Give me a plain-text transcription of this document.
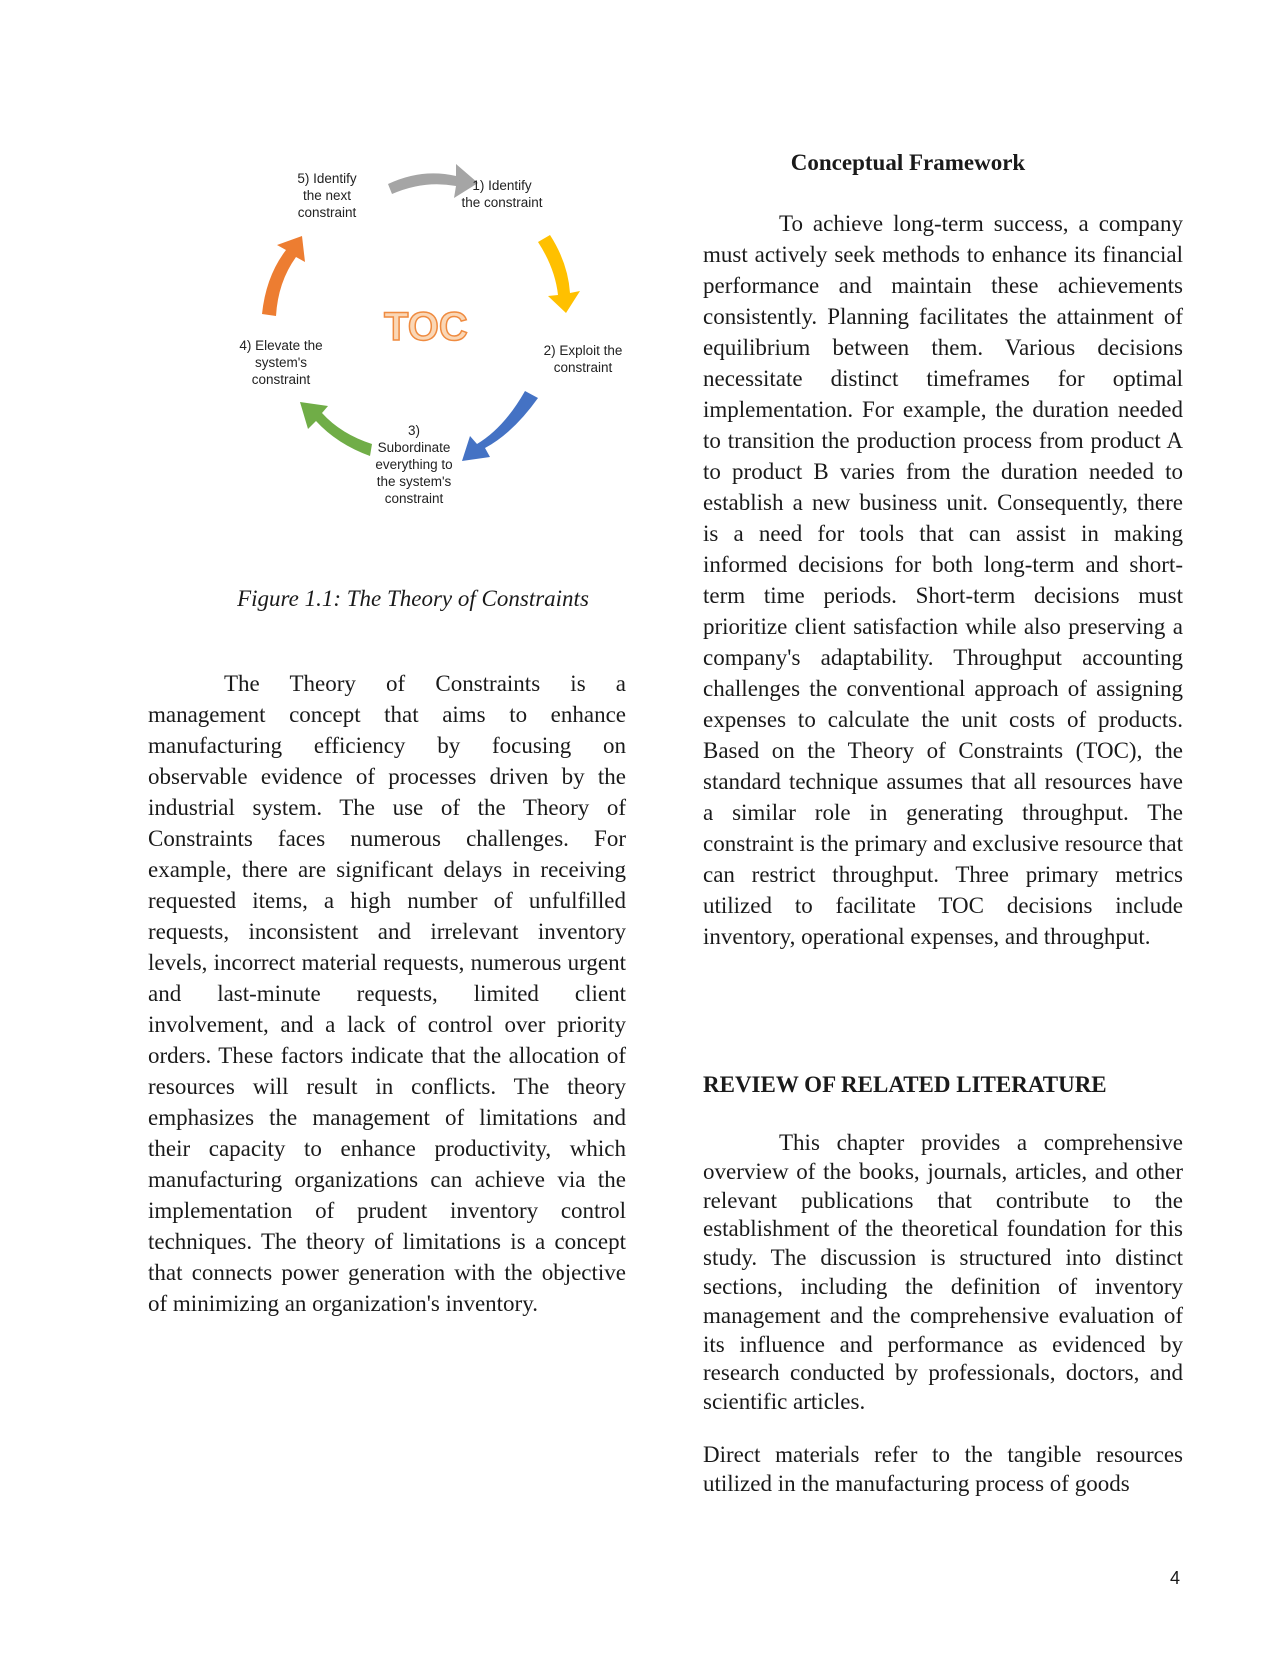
TOC
1) Identify
the constraint
2) Exploit the
constraint
3)
Subordinate
everything to
the system's
constraint
4) Elevate the
system's
constraint
5) Identify
the next
constraint
Figure 1.1: The Theory of Constraints

The Theory of Constraints is a management concept that aims to enhance manufacturing efficiency by focusing on observable evidence of processes driven by the industrial system. The use of the Theory of Constraints faces numerous challenges. For example, there are significant delays in receiving requested items, a high number of unfulfilled requests, inconsistent and irrelevant inventory levels, incorrect material requests, numerous urgent and last-minute requests, limited client involvement, and a lack of control over priority orders. These factors indicate that the allocation of resources will result in conflicts. The theory emphasizes the management of limitations and their capacity to enhance productivity, which manufacturing organizations can achieve via the implementation of prudent inventory control techniques. The theory of limitations is a concept that connects power generation with the objective of minimizing an organization's inventory.

Conceptual Framework

To achieve long-term success, a company must actively seek methods to enhance its financial performance and maintain these achievements consistently. Planning facilitates the attainment of equilibrium between them. Various decisions necessitate distinct timeframes for optimal implementation. For example, the duration needed to transition the production process from product A to product B varies from the duration needed to establish a new business unit. Consequently, there is a need for tools that can assist in making informed decisions for both long-term and short-term time periods. Short-term decisions must prioritize client satisfaction while also preserving a company's adaptability. Throughput accounting challenges the conventional approach of assigning expenses to calculate the unit costs of products. Based on the Theory of Constraints (TOC), the standard technique assumes that all resources have a similar role in generating throughput. The constraint is the primary and exclusive resource that can restrict throughput. Three primary metrics utilized to facilitate TOC decisions include inventory, operational expenses, and throughput.

REVIEW OF RELATED LITERATURE

This chapter provides a comprehensive overview of the books, journals, articles, and other relevant publications that contribute to the establishment of the theoretical foundation for this study. The discussion is structured into distinct sections, including the definition of inventory management and the comprehensive evaluation of its influence and performance as evidenced by research conducted by professionals, doctors, and scientific articles.

Direct materials refer to the tangible resources utilized in the manufacturing process of goods

4
